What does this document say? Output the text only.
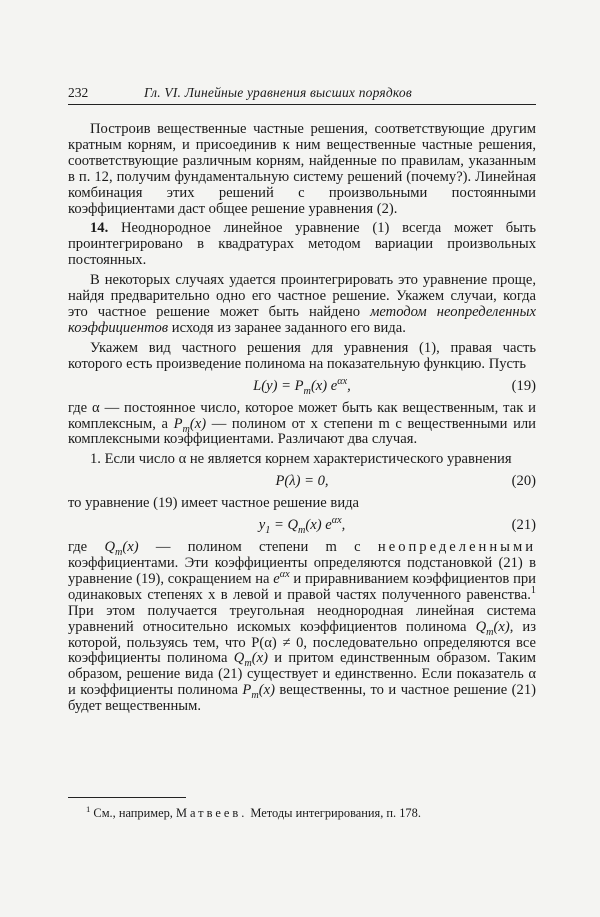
232	Гл. VI. Линейные уравнения высших порядков

Построив вещественные частные решения, соответствующие другим кратным корням, и присоединив к ним вещественные частные решения, соответствующие различным корням, найденные по правилам, указанным в п. 12, получим фундаментальную систему решений (почему?). Линейная комбинация этих решений с произвольными постоянными коэффициентами даст общее решение уравнения (2).

14. Неоднородное линейное уравнение (1) всегда может быть проинтегрировано в квадратурах методом вариации произвольных постоянных.

В некоторых случаях удается проинтегрировать это уравнение проще, найдя предварительно одно его частное решение. Укажем случаи, когда это частное решение может быть найдено методом неопределенных коэффициентов исходя из заранее заданного его вида.

Укажем вид частного решения для уравнения (1), правая часть которого есть произведение полинома на показательную функцию. Пусть

$L(y) = P_m(x)$ $e^{\alpha x}$,	(19)

где α — постоянное число, которое может быть как вещественным, так и комплексным, а $P_m(x)$ — полином от x степени m с вещественными или комплексными коэффициентами. Различают два случая.

1. Если число α не является корнем характеристического уравнения

P(λ) = 0,	(20)

то уравнение (19) имеет частное решение вида

$y_1 = Q_m(x)$ $e^{\alpha x}$,	(21)

где $Q_m(x)$ — полином степени m с неопределенными коэффициентами. Эти коэффициенты определяются подстановкой (21) в уравнение (19), сокращением на $e^{\alpha x}$ и приравниванием коэффициентов при одинаковых степенях x в левой и правой частях полученного равенства.$^1$ При этом получается треугольная неоднородная линейная система уравнений относительно искомых коэффициентов полинома $Q_m(x)$, из которой, пользуясь тем, что P(α) ≠ 0, последовательно определяются все коэффициенты полинома $Q_m(x)$ и притом единственным образом. Таким образом, решение вида (21) существует и единственно. Если показатель α и коэффициенты полинома $P_m(x)$ вещественны, то и частное решение (21) будет вещественным.

$^1$ См., например, Матвеев. Методы интегрирования, п. 178.
